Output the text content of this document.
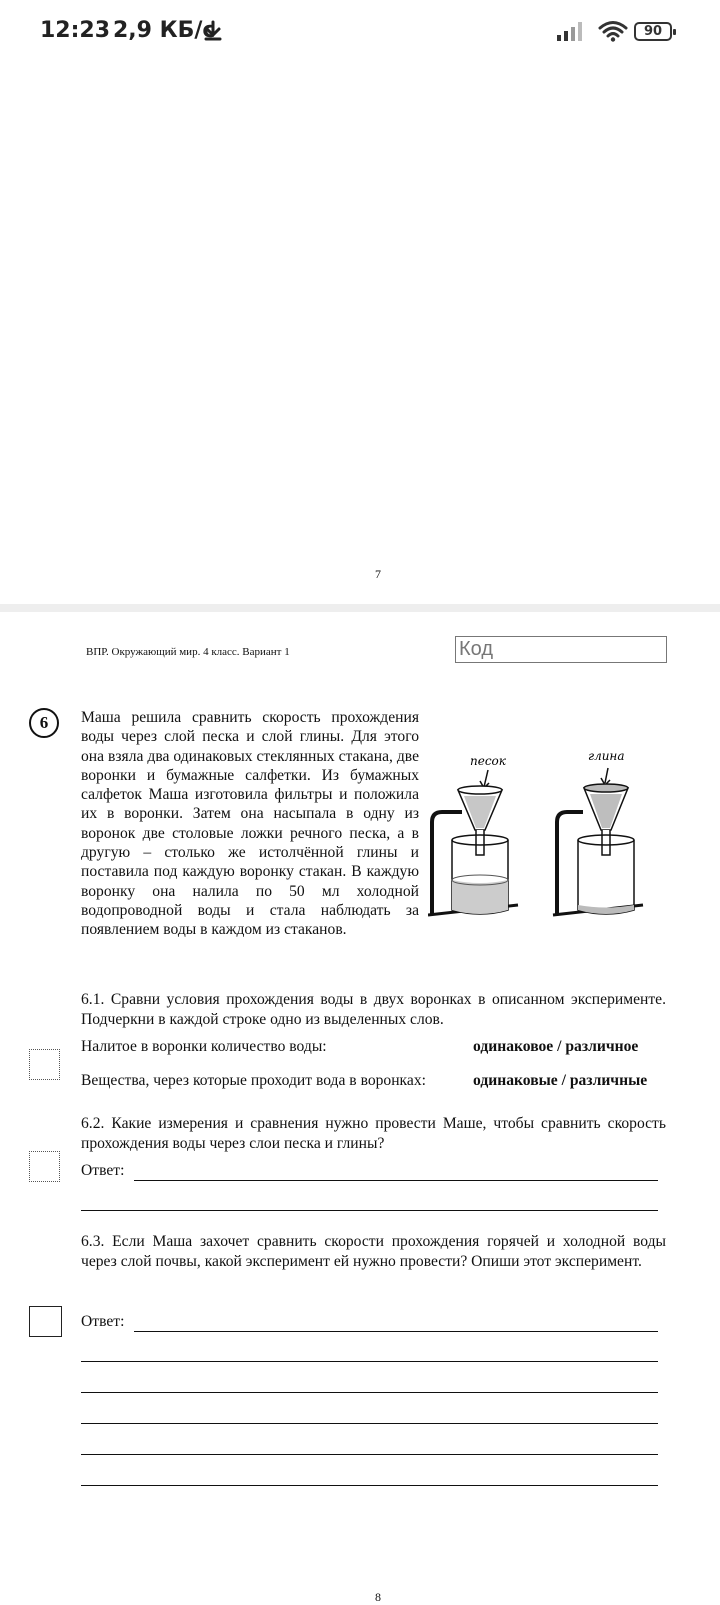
12:23 2,9 КБ/с	90
7
ВПР. Окружающий мир. 4 класс. Вариант 1	Код
6	Маша решила сравнить скорость прохождения воды через слой песка и слой глины. Для этого она взяла два одинаковых стеклянных стакана, две воронки и бумажные салфетки. Из бумажных салфеток Маша изготовила фильтры и положила их в воронки. Затем она насыпала в одну из воронок две столовые ложки речного песка, а в другую – столько же истолчённой глины и поставила под каждую воронку стакан. В каждую воронку она налила по 50 мл холодной водопроводной воды и стала наблюдать за появлением воды в каждом из стаканов.
песок	глина
6.1. Сравни условия прохождения воды в двух воронках в описанном эксперименте. Подчеркни в каждой строке одно из выделенных слов.
Налитое в воронки количество воды:	одинаковое / различное
Вещества, через которые проходит вода в воронках:	одинаковые / различные
6.2. Какие измерения и сравнения нужно провести Маше, чтобы сравнить скорость прохождения воды через слои песка и глины?
Ответ:
6.3. Если Маша захочет сравнить скорости прохождения горячей и холодной воды через слой почвы, какой эксперимент ей нужно провести? Опиши этот эксперимент.
Ответ:
8
